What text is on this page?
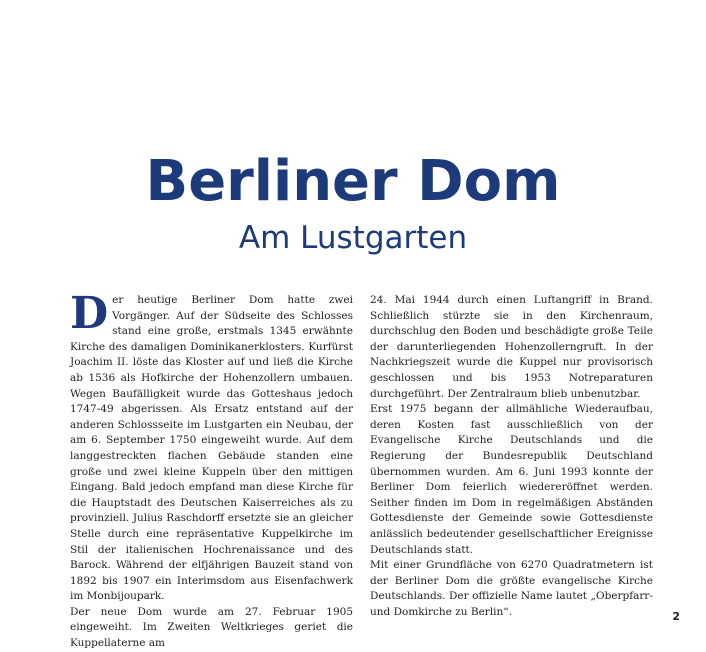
Berliner Dom
Am Lustgarten

Der heutige Berliner Dom hatte zwei Vorgänger. Auf der Südseite des Schlosses stand eine große, erstmals 1345 erwähnte Kirche des damaligen Dominikanerklosters. Kurfürst Joachim II. löste das Kloster auf und ließ die Kirche ab 1536 als Hofkirche der Hohenzollern umbauen. Wegen Baufälligkeit wurde das Gotteshaus jedoch 1747-49 abgerissen. Als Ersatz entstand auf der anderen Schlossseite im Lustgarten ein Neubau, der am 6. September 1750 eingeweiht wurde. Auf dem langgestreckten flachen Gebäude standen eine große und zwei kleine Kuppeln über den mittigen Eingang. Bald jedoch empfand man diese Kirche für die Hauptstadt des Deutschen Kaiserreiches als zu provinziell. Julius Raschdorff ersetzte sie an gleicher Stelle durch eine repräsentative Kuppelkirche im Stil der italienischen Hochrenaissance und des Barock. Während der elfjährigen Bauzeit stand von 1892 bis 1907 ein Interimsdom aus Eisenfachwerk im Monbijoupark.

Der neue Dom wurde am 27. Februar 1905 eingeweiht. Im Zweiten Weltkrieges geriet die Kuppellaterne am

24. Mai 1944 durch einen Luftangriff in Brand. Schließlich stürzte sie in den Kirchenraum, durchschlug den Boden und beschädigte große Teile der darunterliegenden Hohenzollerngruft. In der Nachkriegszeit wurde die Kuppel nur provisorisch geschlossen und bis 1953 Notreparaturen durchgeführt. Der Zentralraum blieb unbenutzbar.

Erst 1975 begann der allmähliche Wiederaufbau, deren Kosten fast ausschließlich von der Evangelische Kirche Deutschlands und die Regierung der Bundesrepublik Deutschland übernommen wurden. Am 6. Juni 1993 konnte der Berliner Dom feierlich wiedereröffnet werden. Seither finden im Dom in regelmäßigen Abständen Gottesdienste der Gemeinde sowie Gottesdienste anlässlich bedeutender gesellschaftlicher Ereignisse Deutschlands statt.

Mit einer Grundfläche von 6270 Quadratmetern ist der Berliner Dom die größte evangelische Kirche Deutschlands. Der offizielle Name lautet „Oberpfarr- und Domkirche zu Berlin“.	2
